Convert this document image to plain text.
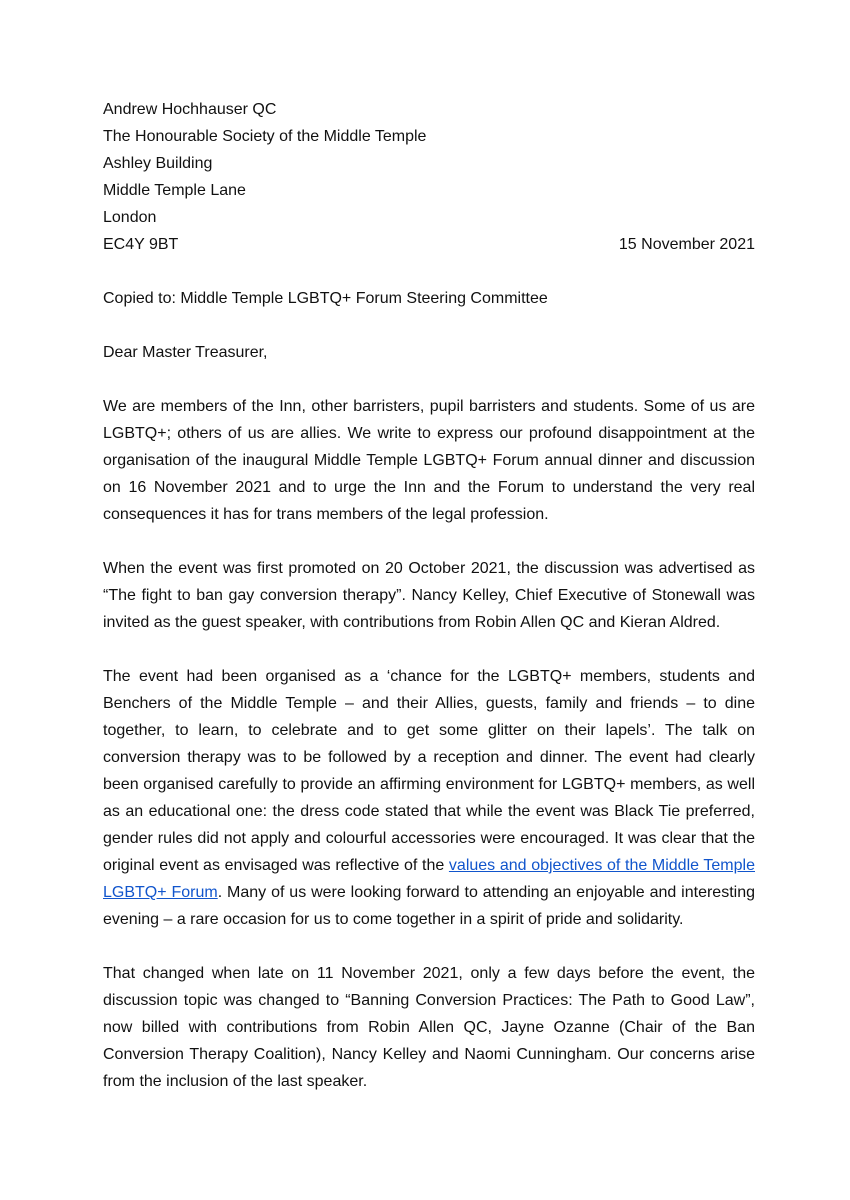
Andrew Hochhauser QC
The Honourable Society of the Middle Temple
Ashley Building
Middle Temple Lane
London
EC4Y 9BT	15 November 2021
Copied to: Middle Temple LGBTQ+ Forum Steering Committee
Dear Master Treasurer,

We are members of the Inn, other barristers, pupil barristers and students. Some of us are LGBTQ+; others of us are allies. We write to express our profound disappointment at the organisation of the inaugural Middle Temple LGBTQ+ Forum annual dinner and discussion on 16 November 2021 and to urge the Inn and the Forum to understand the very real consequences it has for trans members of the legal profession.

When the event was first promoted on 20 October 2021, the discussion was advertised as “The fight to ban gay conversion therapy”. Nancy Kelley, Chief Executive of Stonewall was invited as the guest speaker, with contributions from Robin Allen QC and Kieran Aldred.

The event had been organised as a ‘chance for the LGBTQ+ members, students and Benchers of the Middle Temple – and their Allies, guests, family and friends – to dine together, to learn, to celebrate and to get some glitter on their lapels’. The talk on conversion therapy was to be followed by a reception and dinner. The event had clearly been organised carefully to provide an affirming environment for LGBTQ+ members, as well as an educational one: the dress code stated that while the event was Black Tie preferred, gender rules did not apply and colourful accessories were encouraged. It was clear that the original event as envisaged was reflective of the values and objectives of the Middle Temple LGBTQ+ Forum. Many of us were looking forward to attending an enjoyable and interesting evening – a rare occasion for us to come together in a spirit of pride and solidarity.

That changed when late on 11 November 2021, only a few days before the event, the discussion topic was changed to “Banning Conversion Practices: The Path to Good Law”, now billed with contributions from Robin Allen QC, Jayne Ozanne (Chair of the Ban Conversion Therapy Coalition), Nancy Kelley and Naomi Cunningham. Our concerns arise from the inclusion of the last speaker.
